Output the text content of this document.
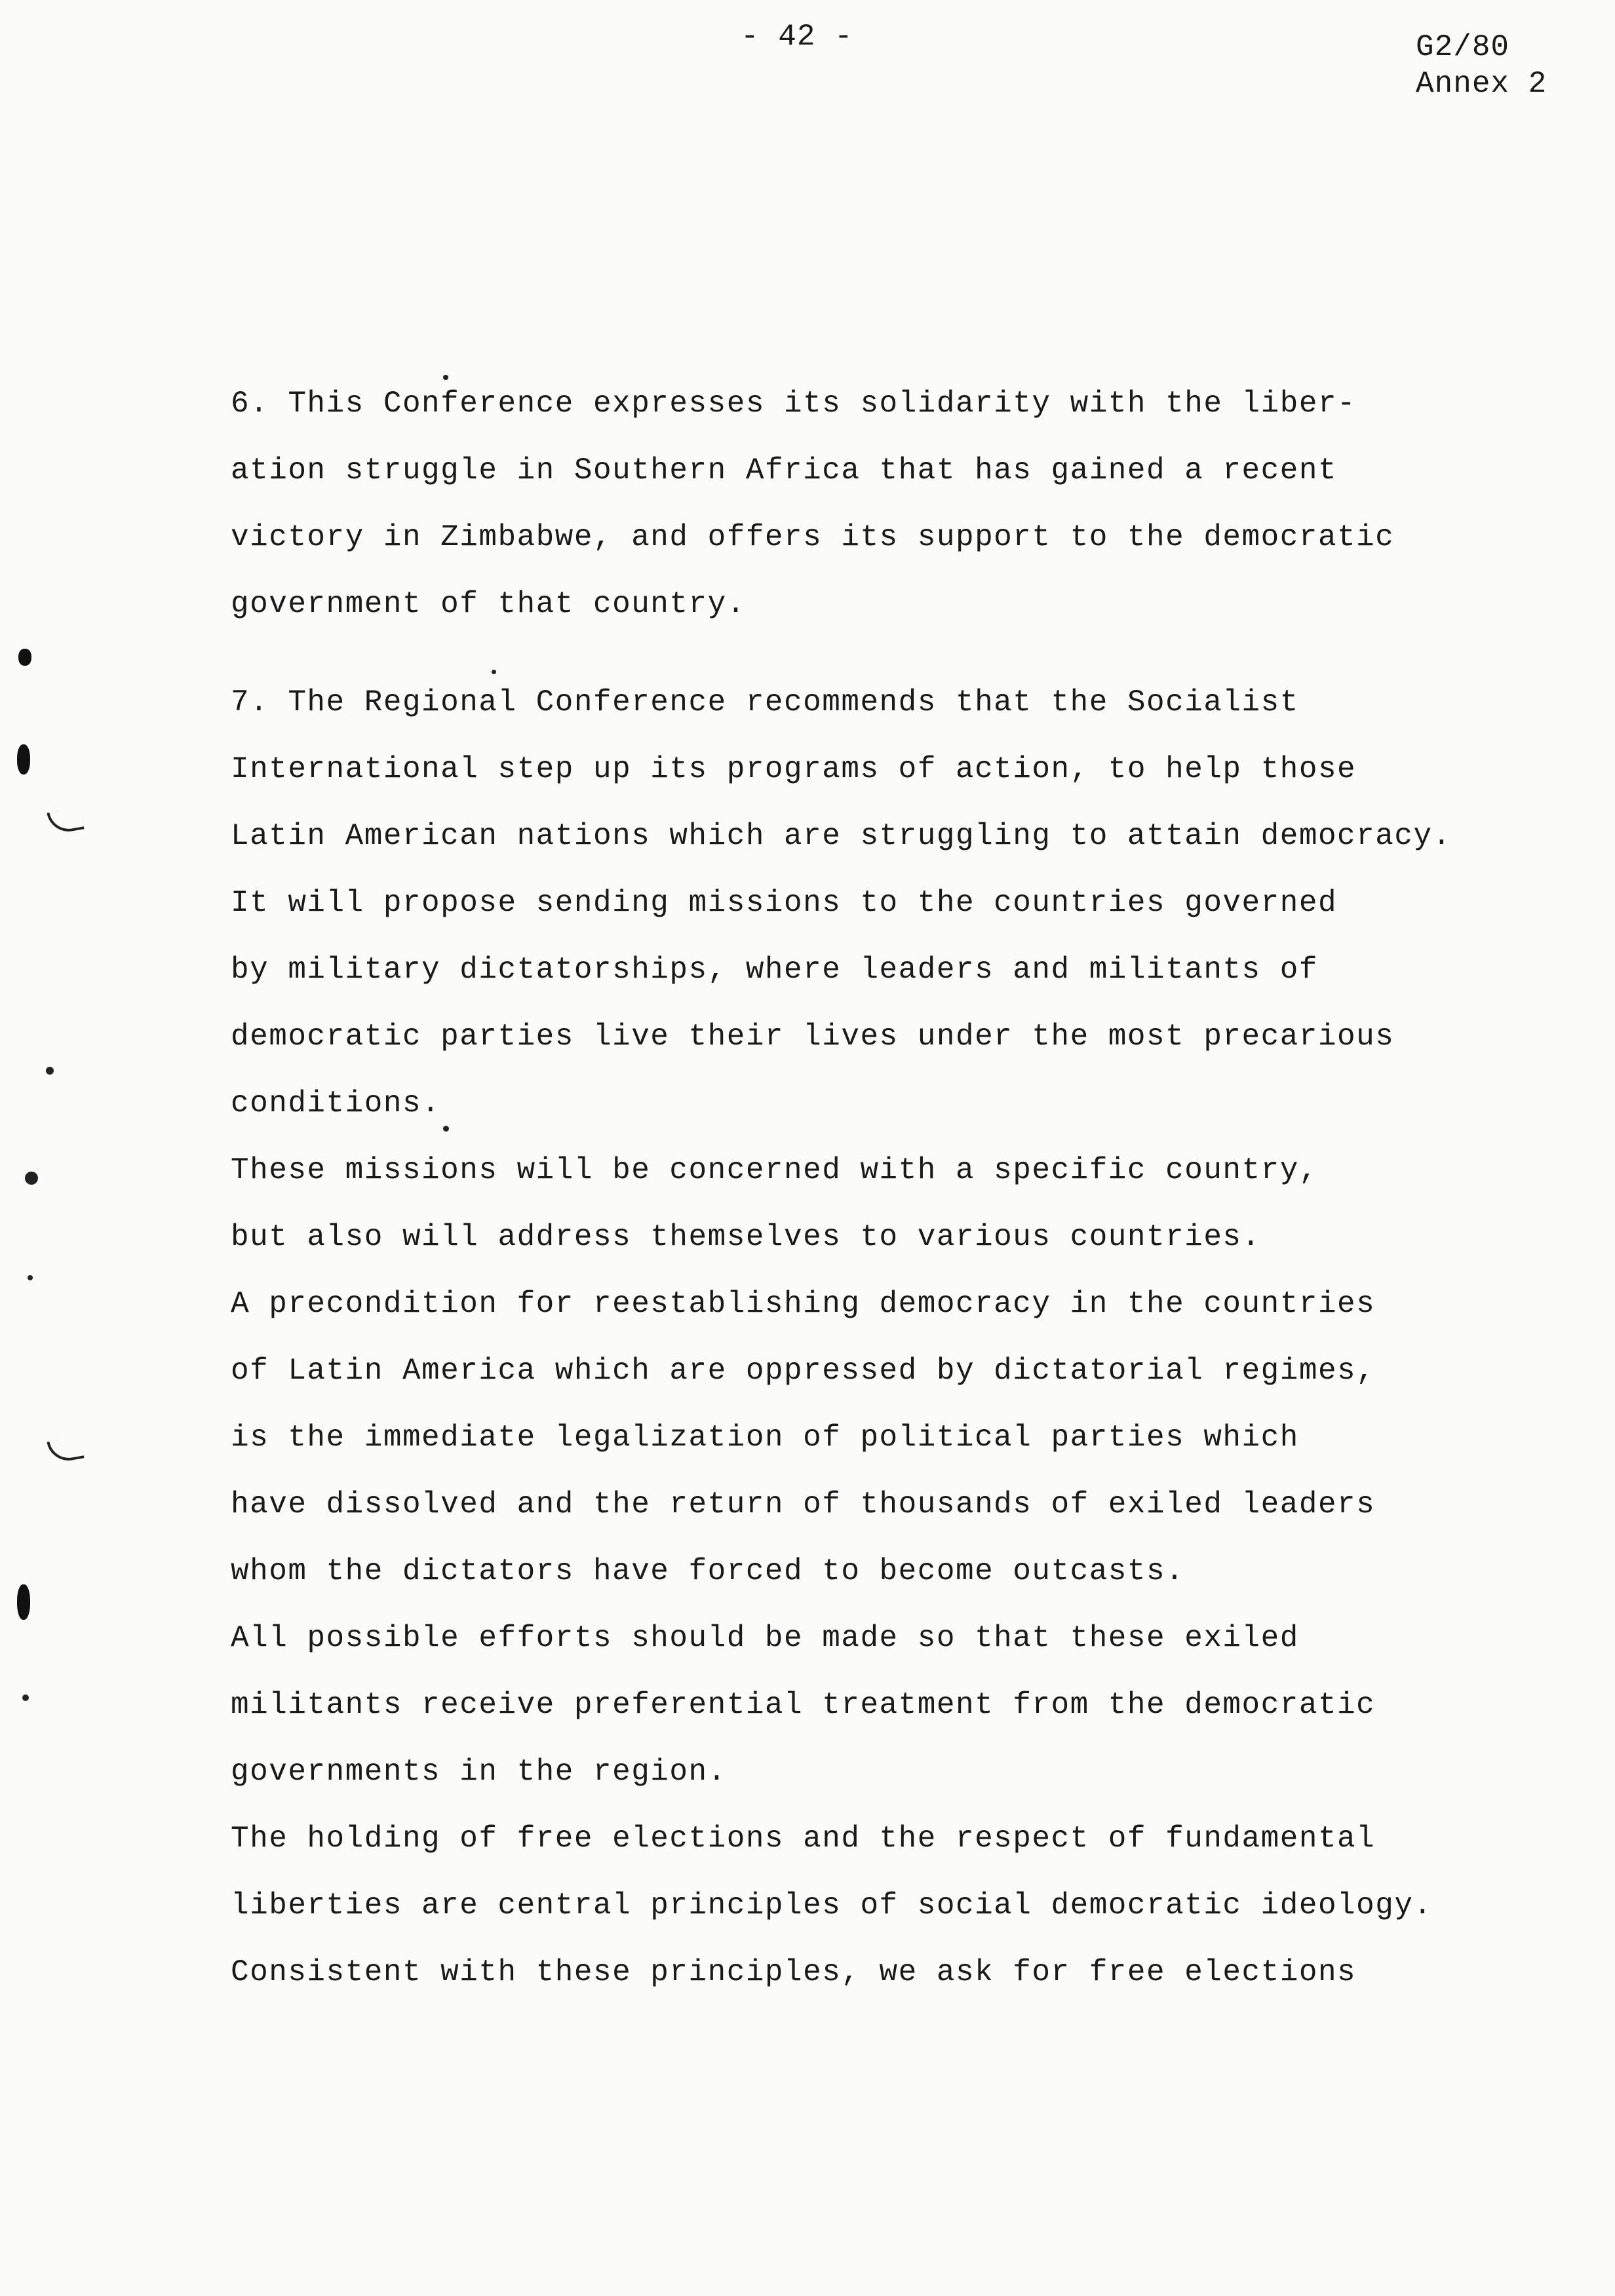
- 42 -	G2/80
Annex 2
6. This Conference expresses its solidarity with the liber-
ation struggle in Southern Africa that has gained a recent
victory in Zimbabwe, and offers its support to the democratic
government of that country.
7. The Regional Conference recommends that the Socialist
International step up its programs of action, to help those
Latin American nations which are struggling to attain democracy.
It will propose sending missions to the countries governed
by military dictatorships, where leaders and militants of
democratic parties live their lives under the most precarious
conditions.
These missions will be concerned with a specific country,
but also will address themselves to various countries.
A precondition for reestablishing democracy in the countries
of Latin America which are oppressed by dictatorial regimes,
is the immediate legalization of political parties which
have dissolved and the return of thousands of exiled leaders
whom the dictators have forced to become outcasts.
All possible efforts should be made so that these exiled
militants receive preferential treatment from the democratic
governments in the region.
The holding of free elections and the respect of fundamental
liberties are central principles of social democratic ideology.
Consistent with these principles, we ask for free elections
